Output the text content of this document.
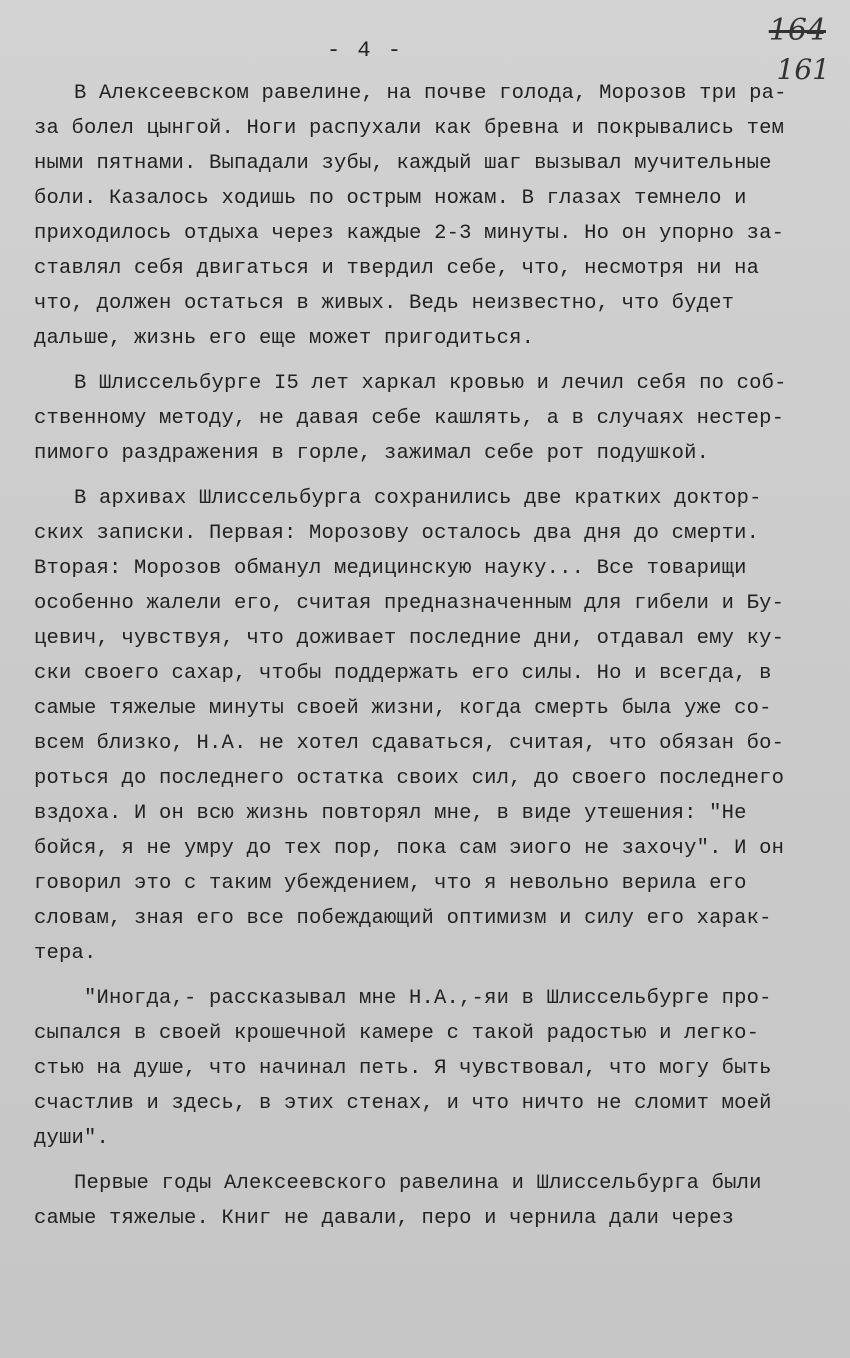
164
161
- 4 -
В Алексеевском равелине, на почве голода, Морозов три ра-
за болел цынгой. Ноги распухали как бревна и покрывались тем
ными пятнами. Выпадали зубы, каждый шаг вызывал мучительные
боли. Казалось ходишь по острым ножам. В глазах темнело и
приходилось отдыха через каждые 2-3 минуты. Но он упорно за-
ставлял себя двигаться и твердил себе, что, несмотря ни на
что, должен остаться в живых. Ведь неизвестно, что будет
дальше, жизнь его еще может пригодиться.
В Шлиссельбурге I5 лет харкал кровью и лечил себя по соб-
ственному методу, не давая себе кашлять, а в случаях нестер-
пимого раздражения в горле, зажимал себе рот подушкой.
В архивах Шлиссельбурга сохранились две кратких доктор-
ских записки. Первая: Морозову осталось два дня до смерти.
Вторая: Морозов обманул медицинскую науку... Все товарищи
особенно жалели его, считая предназначенным для гибели и Бу-
цевич, чувствуя, что доживает последние дни, отдавал ему ку-
ски своего сахар, чтобы поддержать его силы. Но и всегда, в
самые тяжелые минуты своей жизни, когда смерть была уже со-
всем близко, Н.А. не хотел сдаваться, считая, что обязан бо-
роться до последнего остатка своих сил, до своего последнего
вздоха. И он всю жизнь повторял мне, в виде утешения: "Не
бойся, я не умру до тех пор, пока сам эиого не захочу". И он
говорил это с таким убеждением, что я невольно верила его
словам, зная его все побеждающий оптимизм и силу его харак-
тера.
"Иногда,- рассказывал мне Н.А.,-яи в Шлиссельбурге про-
сыпался в своей крошечной камере с такой радостью и легко-
стью на душе, что начинал петь. Я чувствовал, что могу быть
счастлив и здесь, в этих стенах, и что ничто не сломит моей
души".
Первые годы Алексеевского равелина и Шлиссельбурга были
самые тяжелые. Книг не давали, перо и чернила дали через
